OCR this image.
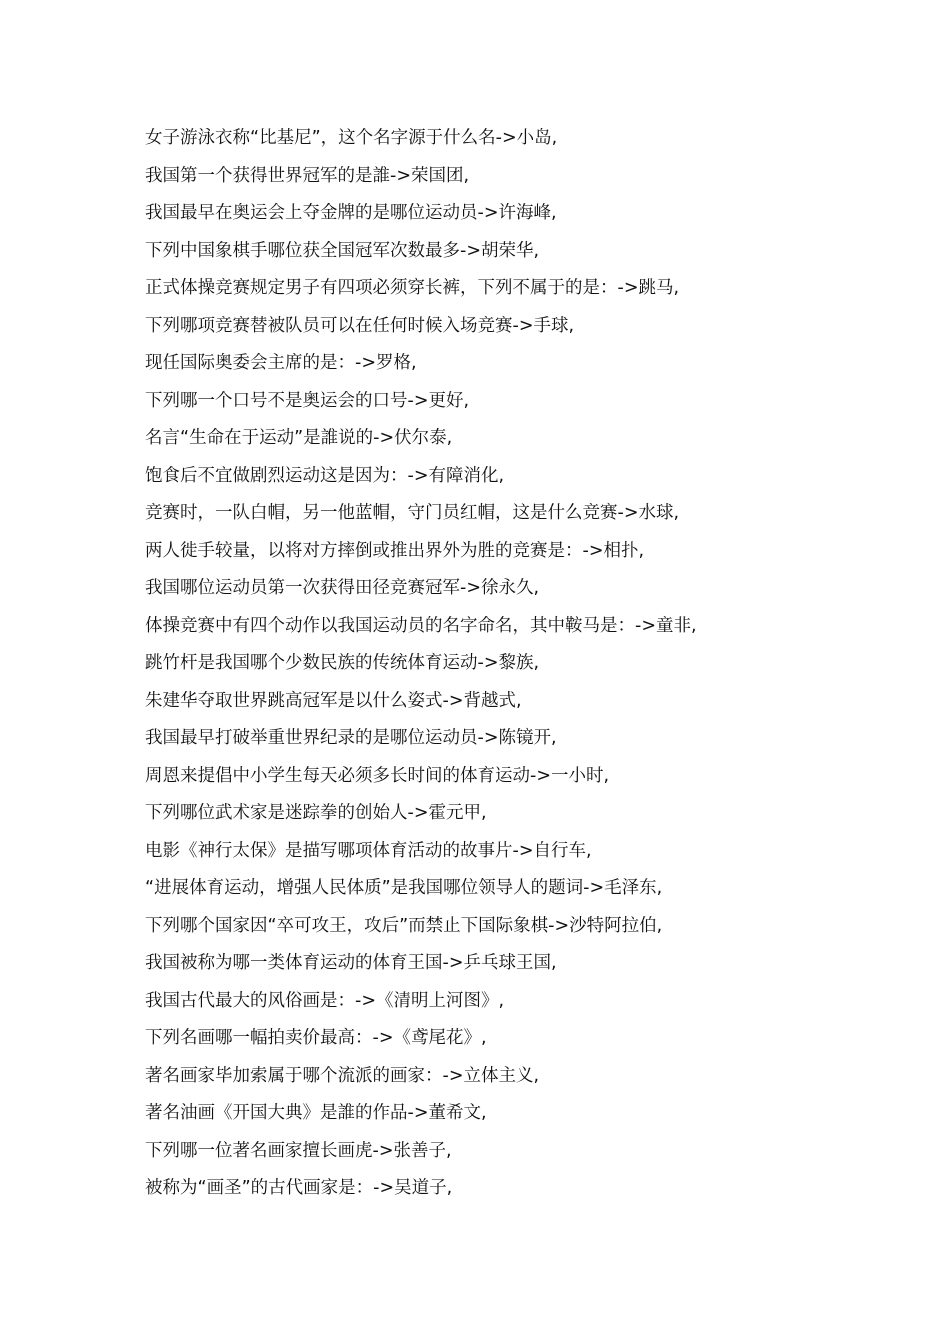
女子游泳衣称“比基尼”，这个名字源于什么名->小岛,
我国第一个获得世界冠军的是誰->荣国团,
我国最早在奥运会上夺金牌的是哪位运动员->许海峰,
下列中国象棋手哪位获全国冠军次数最多->胡荣华,
正式体操竞赛规定男子有四项必须穿长裤，下列不属于的是：->跳马,
下列哪项竞赛替被队员可以在任何时候入场竞赛->手球,
现任国际奥委会主席的是：->罗格,
下列哪一个口号不是奥运会的口号->更好,
名言“生命在于运动”是誰说的->伏尔泰,
饱食后不宜做剧烈运动这是因为：->有障消化,
竞赛时，一队白帽，另一他蓝帽，守门员红帽，这是什么竞赛->水球,
两人徙手较量，以将对方摔倒或推出界外为胜的竞赛是：->相扑,
我国哪位运动员第一次获得田径竞赛冠军->徐永久,
体操竞赛中有四个动作以我国运动员的名字命名，其中鞍马是：->童非,
跳竹杆是我国哪个少数民族的传统体育运动->黎族,
朱建华夺取世界跳高冠军是以什么姿式->背越式,
我国最早打破举重世界纪录的是哪位运动员->陈镜开,
周恩来提倡中小学生每天必须多长时间的体育运动->一小时,
下列哪位武术家是迷踪拳的创始人->霍元甲,
电影《神行太保》是描写哪项体育活动的故事片->自行车,
“进展体育运动，增强人民体质”是我国哪位领导人的题词->毛泽东,
下列哪个国家因“卒可攻王，攻后”而禁止下国际象棋->沙特阿拉伯,
我国被称为哪一类体育运动的体育王国->乒乓球王国,
我国古代最大的风俗画是：->《清明上河图》,
下列名画哪一幅拍卖价最高：->《鸢尾花》,
著名画家毕加索属于哪个流派的画家：->立体主义,
著名油画《开国大典》是誰的作品->董希文,
下列哪一位著名画家擅长画虎->张善子,
被称为“画圣”的古代画家是：->吴道子,
